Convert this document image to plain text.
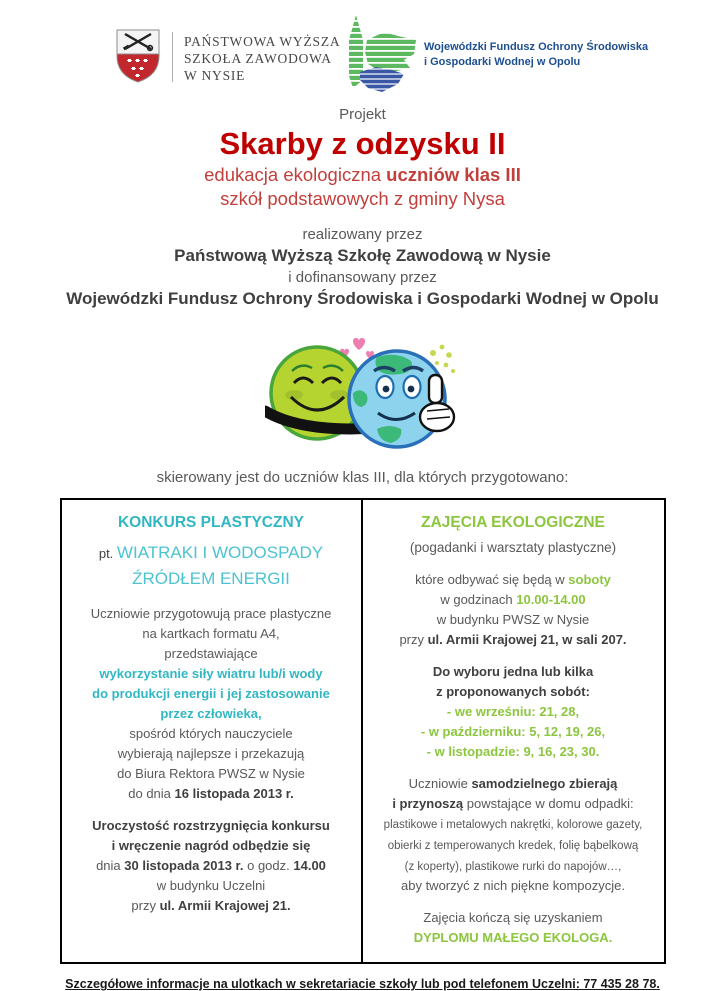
PAŃSTWOWA WYŻSZA
SZKOŁA ZAWODOWA
W NYSIE
Wojewódzki Fundusz Ochrony Środowiska
i Gospodarki Wodnej w Opolu
Projekt
Skarby z odzysku II
edukacja ekologiczna uczniów klas III
szkół podstawowych z gminy Nysa
realizowany przez
Państwową Wyższą Szkołę Zawodową w Nysie
i dofinansowany przez
Wojewódzki Fundusz Ochrony Środowiska i Gospodarki Wodnej w Opolu
skierowany jest do uczniów klas III, dla których przygotowano:
KONKURS PLASTYCZNY
pt. WIATRAKI I WODOSPADY
ŹRÓDŁEM ENERGII
Uczniowie przygotowują prace plastyczne
na kartkach formatu A4,
przedstawiające
wykorzystanie siły wiatru lub/i wody
do produkcji energii i jej zastosowanie
przez człowieka,
spośród których nauczyciele
wybierają najlepsze i przekazują
do Biura Rektora PWSZ w Nysie
do dnia 16 listopada 2013 r.
Uroczystość rozstrzygnięcia konkursu
i wręczenie nagród odbędzie się
dnia 30 listopada 2013 r. o godz. 14.00
w budynku Uczelni
przy ul. Armii Krajowej 21.
ZAJĘCIA EKOLOGICZNE
(pogadanki i warsztaty plastyczne)
które odbywać się będą w soboty
w godzinach 10.00-14.00
w budynku PWSZ w Nysie
przy ul. Armii Krajowej 21, w sali 207.
Do wyboru jedna lub kilka
z proponowanych sobót:
- we wrześniu: 21, 28,
- w październiku: 5, 12, 19, 26,
- w listopadzie: 9, 16, 23, 30.
Uczniowie samodzielnego zbierają
i przynoszą powstające w domu odpadki:
plastikowe i metalowych nakrętki, kolorowe gazety,
obierki z temperowanych kredek, folię bąbelkową
(z koperty), plastikowe rurki do napojów…,
aby tworzyć z nich piękne kompozycje.
Zajęcia kończą się uzyskaniem
DYPLOMU MAŁEGO EKOLOGA.
Szczegółowe informacje na ulotkach w sekretariacie szkoły lub pod telefonem Uczelni: 77 435 28 78.
